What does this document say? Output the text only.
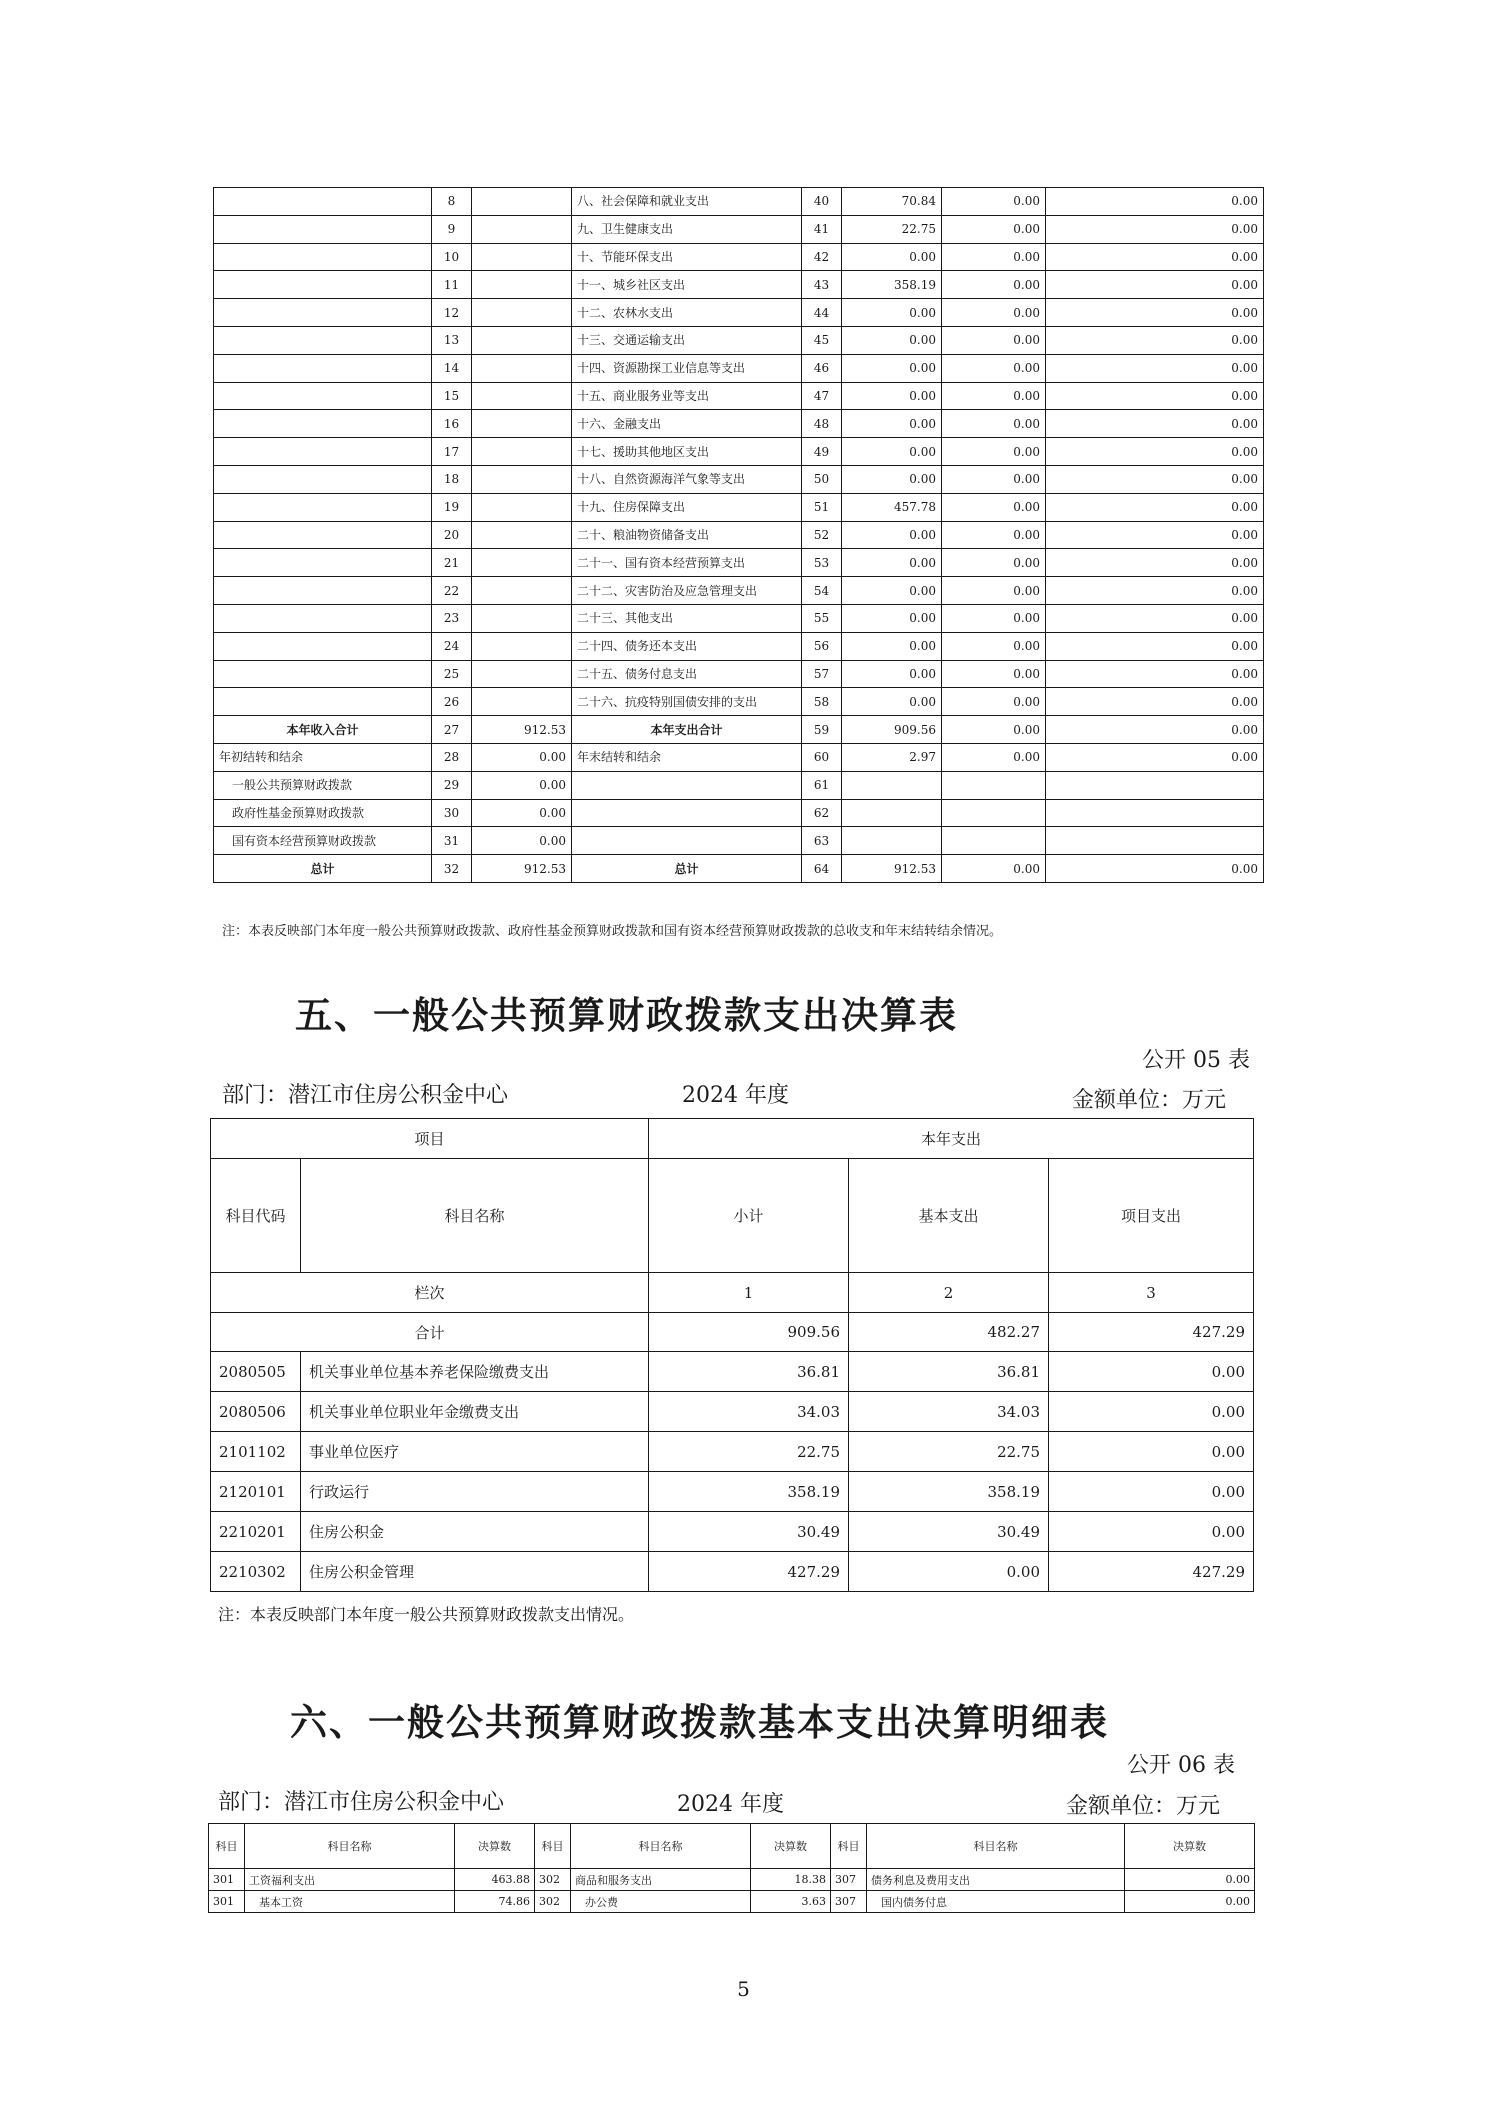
	8		八、社会保障和就业支出	40	70.84	0.00	0.00
	9		九、卫生健康支出	41	22.75	0.00	0.00
	10		十、节能环保支出	42	0.00	0.00	0.00
	11		十一、城乡社区支出	43	358.19	0.00	0.00
	12		十二、农林水支出	44	0.00	0.00	0.00
	13		十三、交通运输支出	45	0.00	0.00	0.00
	14		十四、资源勘探工业信息等支出	46	0.00	0.00	0.00
	15		十五、商业服务业等支出	47	0.00	0.00	0.00
	16		十六、金融支出	48	0.00	0.00	0.00
	17		十七、援助其他地区支出	49	0.00	0.00	0.00
	18		十八、自然资源海洋气象等支出	50	0.00	0.00	0.00
	19		十九、住房保障支出	51	457.78	0.00	0.00
	20		二十、粮油物资储备支出	52	0.00	0.00	0.00
	21		二十一、国有资本经营预算支出	53	0.00	0.00	0.00
	22		二十二、灾害防治及应急管理支出	54	0.00	0.00	0.00
	23		二十三、其他支出	55	0.00	0.00	0.00
	24		二十四、债务还本支出	56	0.00	0.00	0.00
	25		二十五、债务付息支出	57	0.00	0.00	0.00
	26		二十六、抗疫特别国债安排的支出	58	0.00	0.00	0.00
本年收入合计	27	912.53	本年支出合计	59	909.56	0.00	0.00
年初结转和结余	28	0.00	年末结转和结余	60	2.97	0.00	0.00
一般公共预算财政拨款	29	0.00		61			
政府性基金预算财政拨款	30	0.00		62			
国有资本经营预算财政拨款	31	0.00		63			
总计	32	912.53	总计	64	912.53	0.00	0.00
注：本表反映部门本年度一般公共预算财政拨款、政府性基金预算财政拨款和国有资本经营预算财政拨款的总收支和年末结转结余情况。
五、一般公共预算财政拨款支出决算表
公开 05 表
部门：潜江市住房公积金中心	2024 年度	金额单位：万元
项目		本年支出		
科目代码	科目名称	小计	基本支出	项目支出
栏次		1	2	3
合计		909.56	482.27	427.29
2080505	机关事业单位基本养老保险缴费支出	36.81	36.81	0.00
2080506	机关事业单位职业年金缴费支出	34.03	34.03	0.00
2101102	事业单位医疗	22.75	22.75	0.00
2120101	行政运行	358.19	358.19	0.00
2210201	住房公积金	30.49	30.49	0.00
2210302	住房公积金管理	427.29	0.00	427.29
注：本表反映部门本年度一般公共预算财政拨款支出情况。
六、一般公共预算财政拨款基本支出决算明细表
公开 06 表
部门：潜江市住房公积金中心	2024 年度	金额单位：万元
科目	科目名称	决算数	科目	科目名称	决算数	科目	科目名称	决算数
301	工资福利支出	463.88	302	商品和服务支出	18.38	307	债务利息及费用支出	0.00
301	基本工资	74.86	302	办公费	3.63	307	国内债务付息	0.00
5
